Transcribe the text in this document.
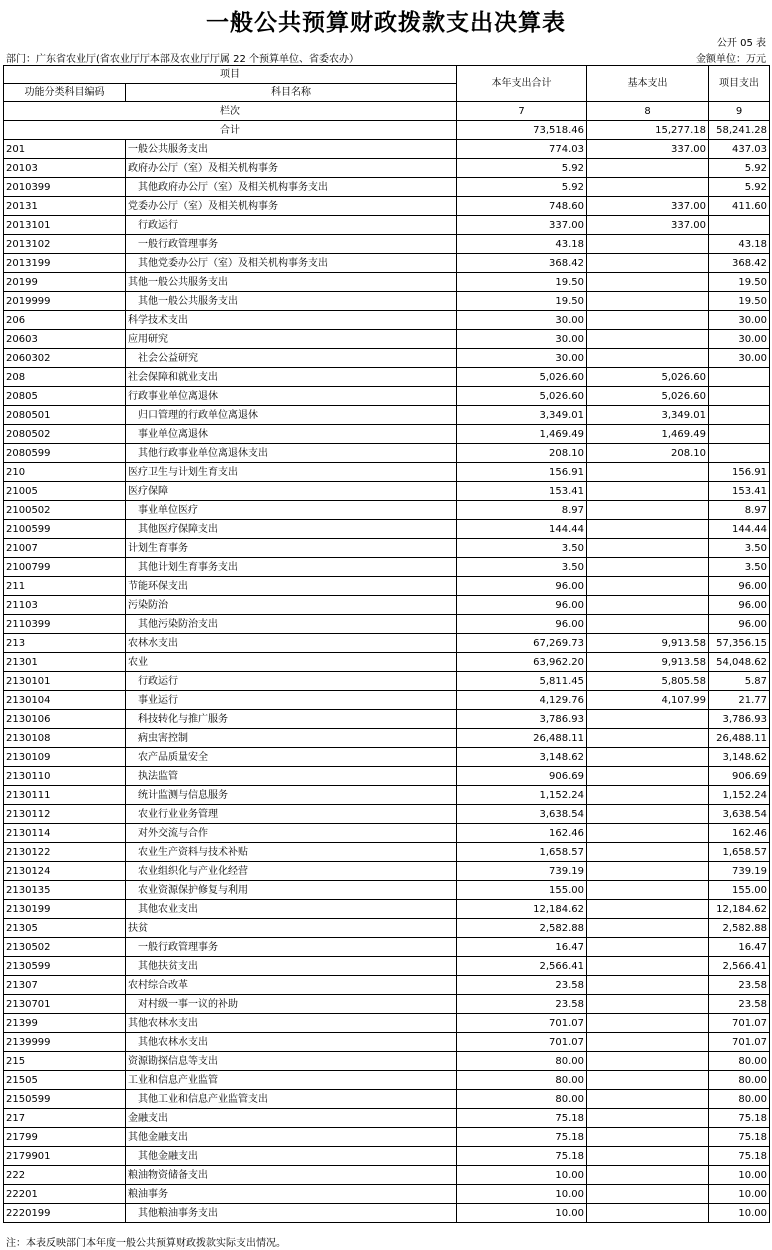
一般公共预算财政拨款支出决算表
公开 05 表
部门：广东省农业厅(省农业厅厅本部及农业厅厅属 22 个预算单位、省委农办）	金额单位：万元
项目		本年支出合计	基本支出	项目支出
功能分类科目编码	科目名称			
栏次		7	8	9
合计		73,518.46	15,277.18	58,241.28
201	一般公共服务支出	774.03	337.00	437.03
20103	政府办公厅（室）及相关机构事务	5.92		5.92
2010399	其他政府办公厅（室）及相关机构事务支出	5.92		5.92
20131	党委办公厅（室）及相关机构事务	748.60	337.00	411.60
2013101	行政运行	337.00	337.00	
2013102	一般行政管理事务	43.18		43.18
2013199	其他党委办公厅（室）及相关机构事务支出	368.42		368.42
20199	其他一般公共服务支出	19.50		19.50
2019999	其他一般公共服务支出	19.50		19.50
206	科学技术支出	30.00		30.00
20603	应用研究	30.00		30.00
2060302	社会公益研究	30.00		30.00
208	社会保障和就业支出	5,026.60	5,026.60	
20805	行政事业单位离退休	5,026.60	5,026.60	
2080501	归口管理的行政单位离退休	3,349.01	3,349.01	
2080502	事业单位离退休	1,469.49	1,469.49	
2080599	其他行政事业单位离退休支出	208.10	208.10	
210	医疗卫生与计划生育支出	156.91		156.91
21005	医疗保障	153.41		153.41
2100502	事业单位医疗	8.97		8.97
2100599	其他医疗保障支出	144.44		144.44
21007	计划生育事务	3.50		3.50
2100799	其他计划生育事务支出	3.50		3.50
211	节能环保支出	96.00		96.00
21103	污染防治	96.00		96.00
2110399	其他污染防治支出	96.00		96.00
213	农林水支出	67,269.73	9,913.58	57,356.15
21301	农业	63,962.20	9,913.58	54,048.62
2130101	行政运行	5,811.45	5,805.58	5.87
2130104	事业运行	4,129.76	4,107.99	21.77
2130106	科技转化与推广服务	3,786.93		3,786.93
2130108	病虫害控制	26,488.11		26,488.11
2130109	农产品质量安全	3,148.62		3,148.62
2130110	执法监管	906.69		906.69
2130111	统计监测与信息服务	1,152.24		1,152.24
2130112	农业行业业务管理	3,638.54		3,638.54
2130114	对外交流与合作	162.46		162.46
2130122	农业生产资料与技术补贴	1,658.57		1,658.57
2130124	农业组织化与产业化经营	739.19		739.19
2130135	农业资源保护修复与利用	155.00		155.00
2130199	其他农业支出	12,184.62		12,184.62
21305	扶贫	2,582.88		2,582.88
2130502	一般行政管理事务	16.47		16.47
2130599	其他扶贫支出	2,566.41		2,566.41
21307	农村综合改革	23.58		23.58
2130701	对村级一事一议的补助	23.58		23.58
21399	其他农林水支出	701.07		701.07
2139999	其他农林水支出	701.07		701.07
215	资源勘探信息等支出	80.00		80.00
21505	工业和信息产业监管	80.00		80.00
2150599	其他工业和信息产业监管支出	80.00		80.00
217	金融支出	75.18		75.18
21799	其他金融支出	75.18		75.18
2179901	其他金融支出	75.18		75.18
222	粮油物资储备支出	10.00		10.00
22201	粮油事务	10.00		10.00
2220199	其他粮油事务支出	10.00		10.00
注：本表反映部门本年度一般公共预算财政拨款实际支出情况。
